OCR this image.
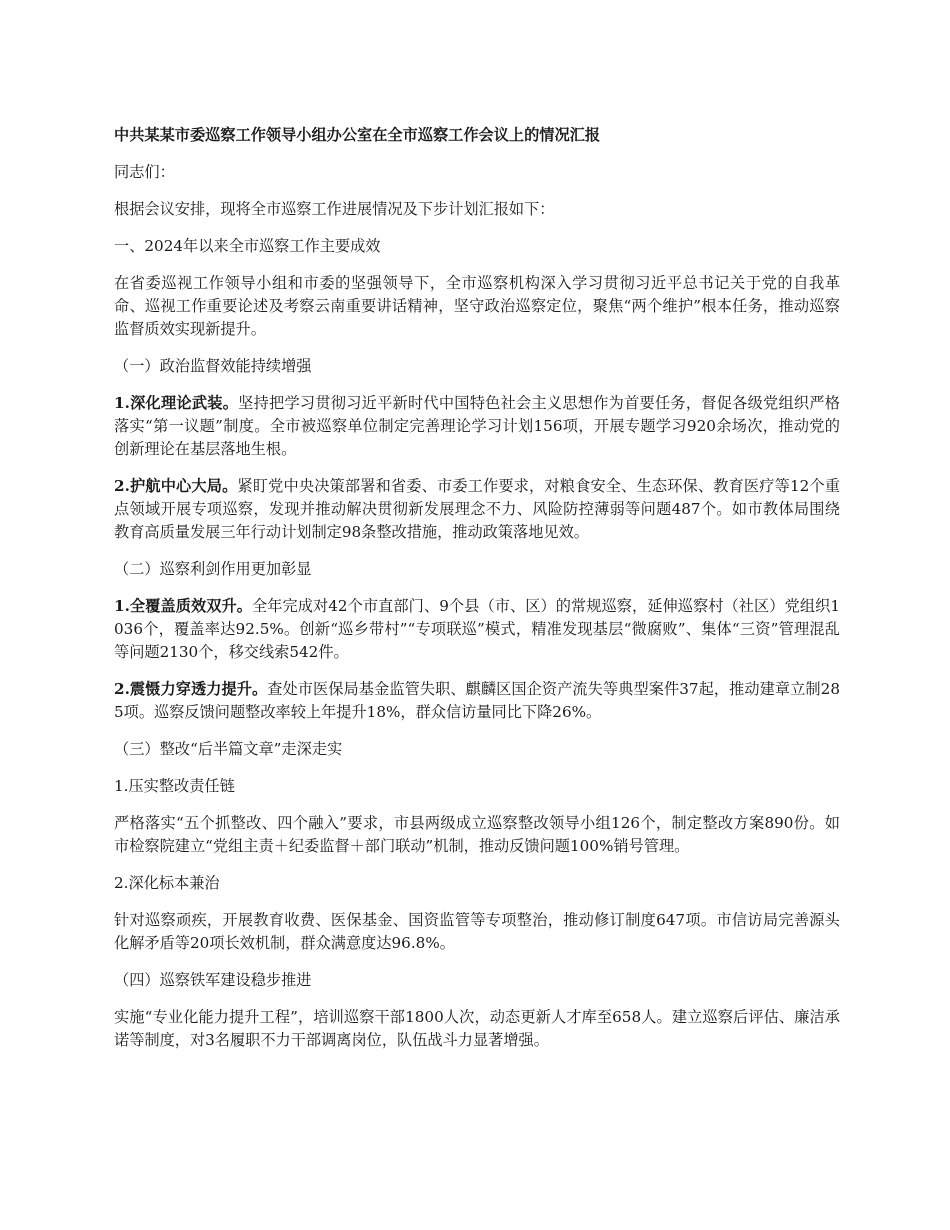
中共某某市委巡察工作领导小组办公室在全市巡察工作会议上的情况汇报

同志们：

根据会议安排，现将全市巡察工作进展情况及下步计划汇报如下：

一、2024年以来全市巡察工作主要成效

在省委巡视工作领导小组和市委的坚强领导下，全市巡察机构深入学习贯彻习近平总书记关于党的自我革命、巡视工作重要论述及考察云南重要讲话精神，坚守政治巡察定位，聚焦“两个维护”根本任务，推动巡察监督质效实现新提升。

（一）政治监督效能持续增强

1.深化理论武装。坚持把学习贯彻习近平新时代中国特色社会主义思想作为首要任务，督促各级党组织严格落实“第一议题”制度。全市被巡察单位制定完善理论学习计划156项，开展专题学习920余场次，推动党的创新理论在基层落地生根。

2.护航中心大局。紧盯党中央决策部署和省委、市委工作要求，对粮食安全、生态环保、教育医疗等12个重点领域开展专项巡察，发现并推动解决贯彻新发展理念不力、风险防控薄弱等问题487个。如市教体局围绕教育高质量发展三年行动计划制定98条整改措施，推动政策落地见效。

（二）巡察利剑作用更加彰显

1.全覆盖质效双升。全年完成对42个市直部门、9个县（市、区）的常规巡察，延伸巡察村（社区）党组织1036个，覆盖率达92.5%。创新“巡乡带村”“专项联巡”模式，精准发现基层“微腐败”、集体“三资”管理混乱等问题2130个，移交线索542件。

2.震慑力穿透力提升。查处市医保局基金监管失职、麒麟区国企资产流失等典型案件37起，推动建章立制285项。巡察反馈问题整改率较上年提升18%，群众信访量同比下降26%。

（三）整改“后半篇文章”走深走实

1.压实整改责任链

严格落实“五个抓整改、四个融入”要求，市县两级成立巡察整改领导小组126个，制定整改方案890份。如市检察院建立“党组主责＋纪委监督＋部门联动”机制，推动反馈问题100%销号管理。

2.深化标本兼治

针对巡察顽疾，开展教育收费、医保基金、国资监管等专项整治，推动修订制度647项。市信访局完善源头化解矛盾等20项长效机制，群众满意度达96.8%。

（四）巡察铁军建设稳步推进

实施“专业化能力提升工程”，培训巡察干部1800人次，动态更新人才库至658人。建立巡察后评估、廉洁承诺等制度，对3名履职不力干部调离岗位，队伍战斗力显著增强。
